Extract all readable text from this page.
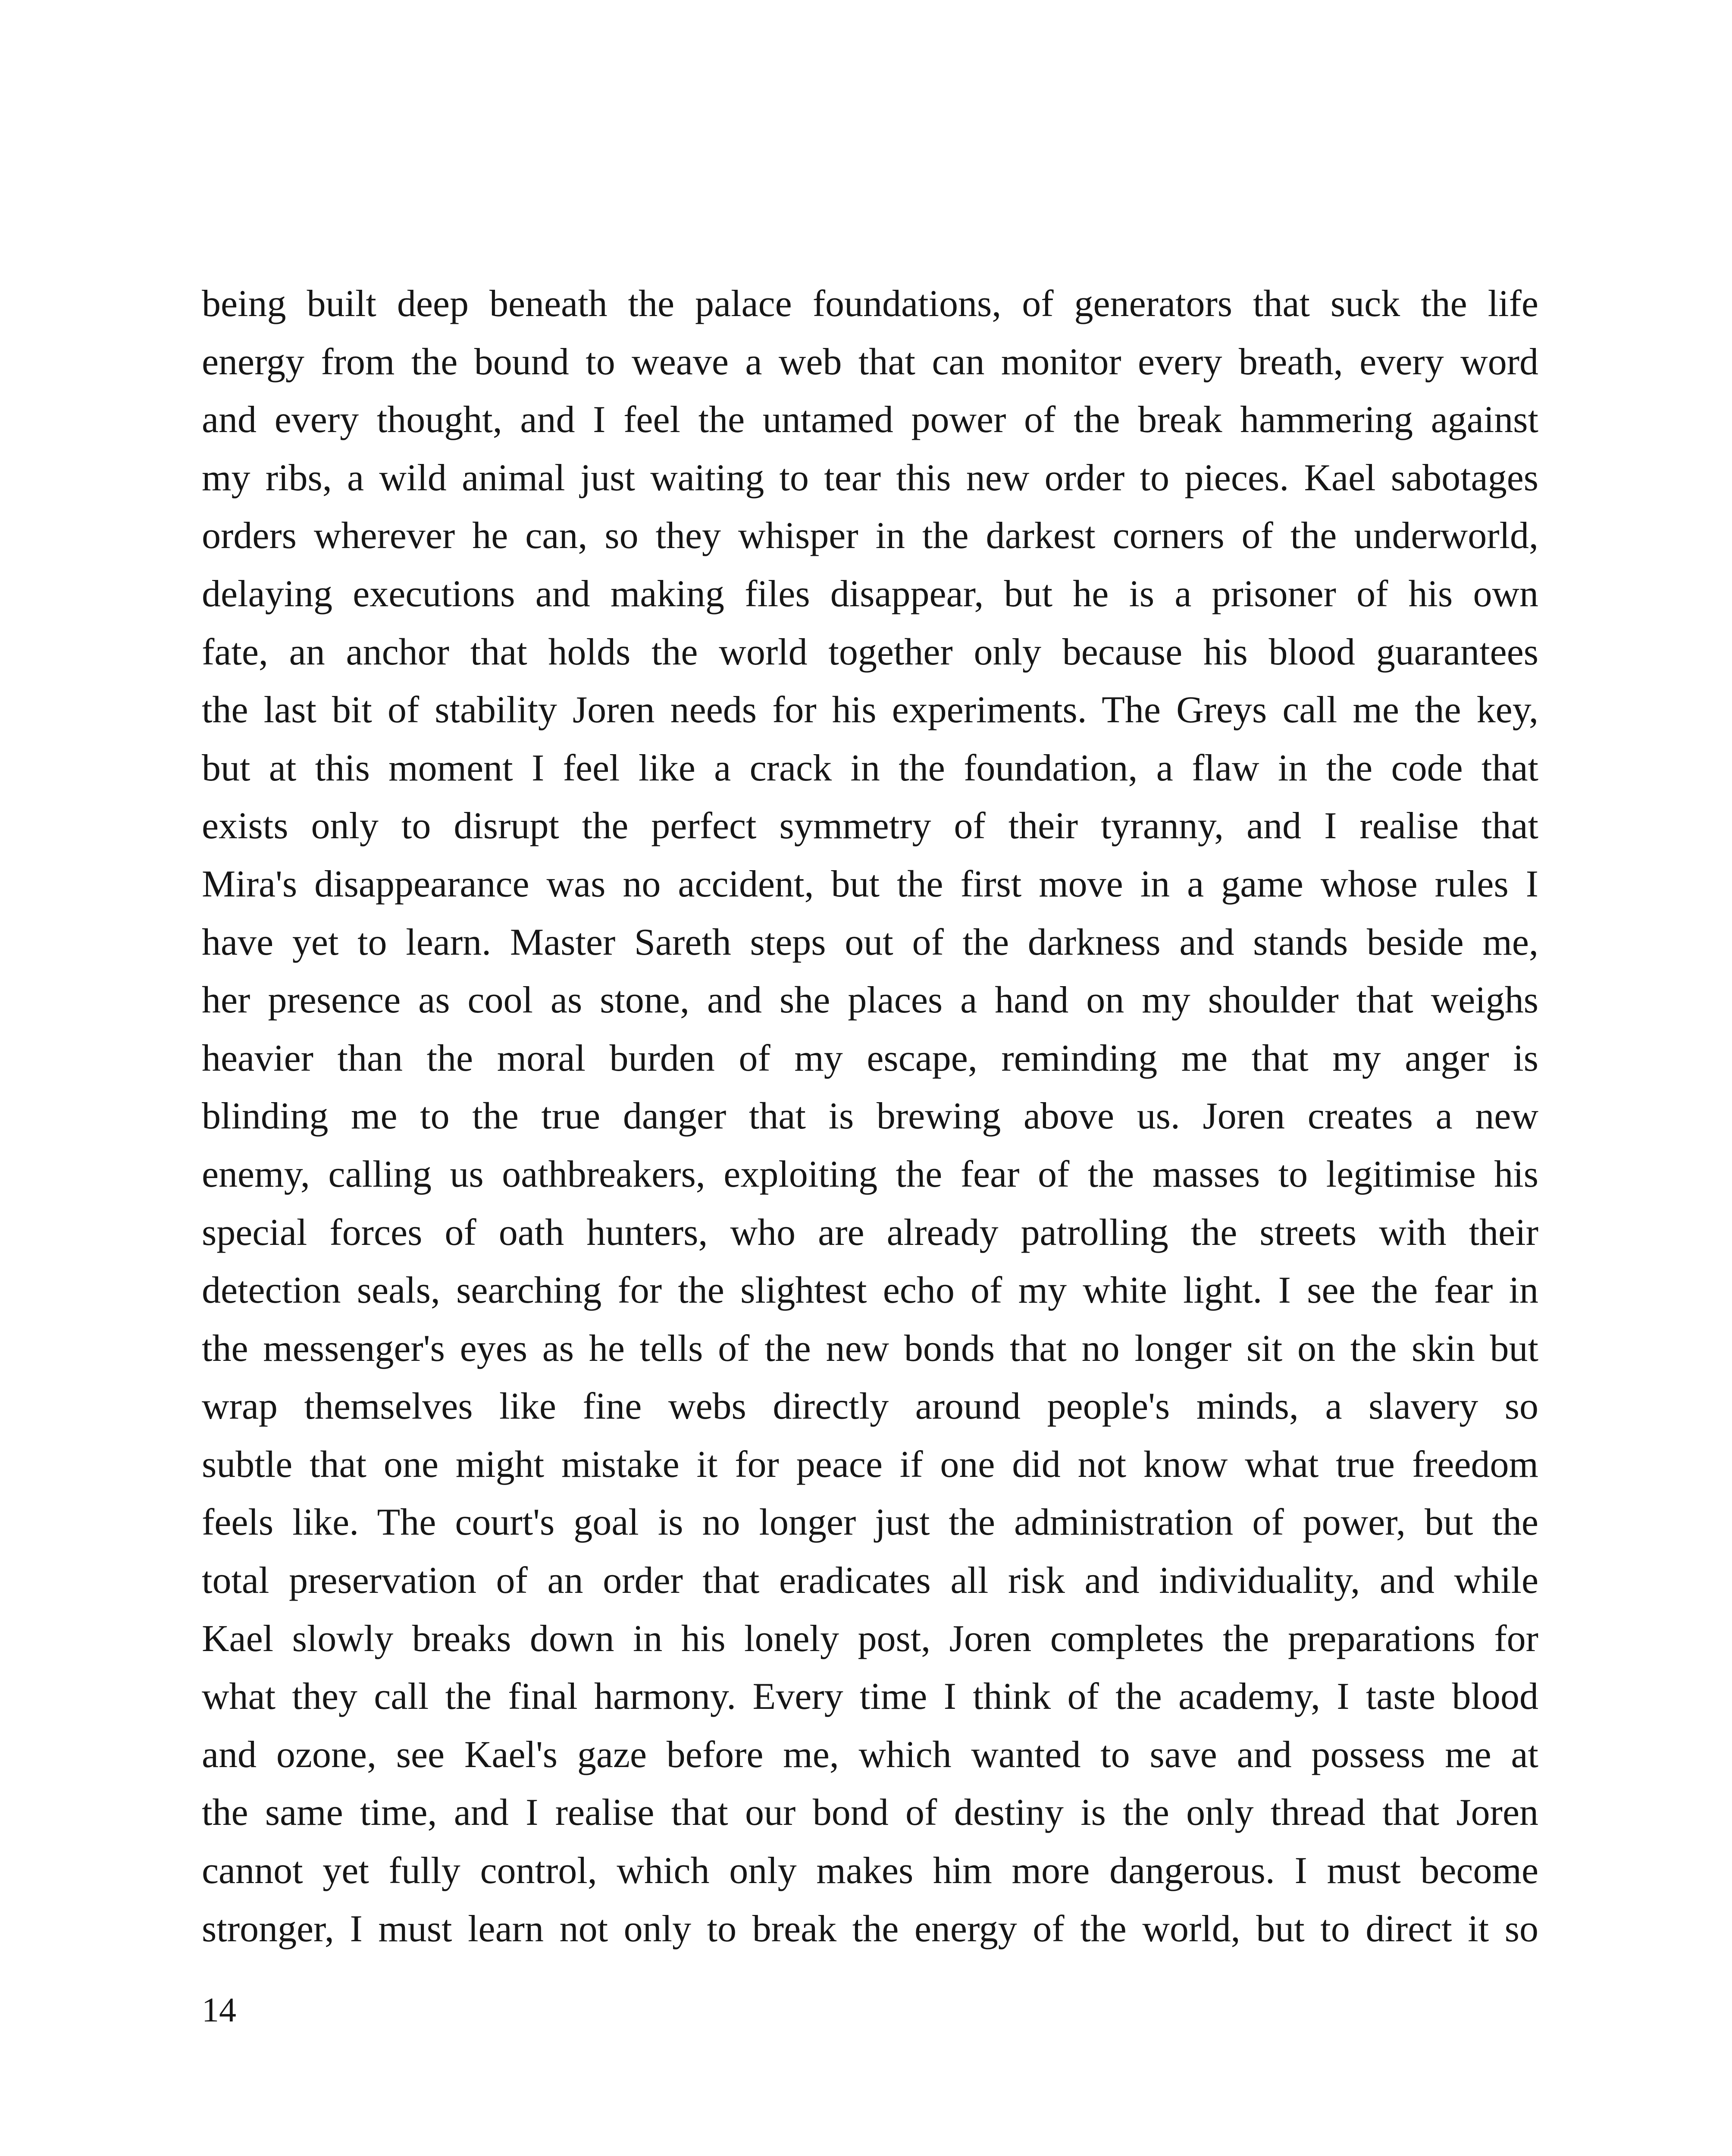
being built deep beneath the palace foundations, of generators that suck the life
energy from the bound to weave a web that can monitor every breath, every word
and every thought, and I feel the untamed power of the break hammering against
my ribs, a wild animal just waiting to tear this new order to pieces. Kael sabotages
orders wherever he can, so they whisper in the darkest corners of the underworld,
delaying executions and making files disappear, but he is a prisoner of his own
fate, an anchor that holds the world together only because his blood guarantees
the last bit of stability Joren needs for his experiments. The Greys call me the key,
but at this moment I feel like a crack in the foundation, a flaw in the code that
exists only to disrupt the perfect symmetry of their tyranny, and I realise that
Mira's disappearance was no accident, but the first move in a game whose rules I
have yet to learn. Master Sareth steps out of the darkness and stands beside me,
her presence as cool as stone, and she places a hand on my shoulder that weighs
heavier than the moral burden of my escape, reminding me that my anger is
blinding me to the true danger that is brewing above us. Joren creates a new
enemy, calling us oathbreakers, exploiting the fear of the masses to legitimise his
special forces of oath hunters, who are already patrolling the streets with their
detection seals, searching for the slightest echo of my white light. I see the fear in
the messenger's eyes as he tells of the new bonds that no longer sit on the skin but
wrap themselves like fine webs directly around people's minds, a slavery so
subtle that one might mistake it for peace if one did not know what true freedom
feels like. The court's goal is no longer just the administration of power, but the
total preservation of an order that eradicates all risk and individuality, and while
Kael slowly breaks down in his lonely post, Joren completes the preparations for
what they call the final harmony. Every time I think of the academy, I taste blood
and ozone, see Kael's gaze before me, which wanted to save and possess me at
the same time, and I realise that our bond of destiny is the only thread that Joren
cannot yet fully control, which only makes him more dangerous. I must become
stronger, I must learn not only to break the energy of the world, but to direct it so
14
